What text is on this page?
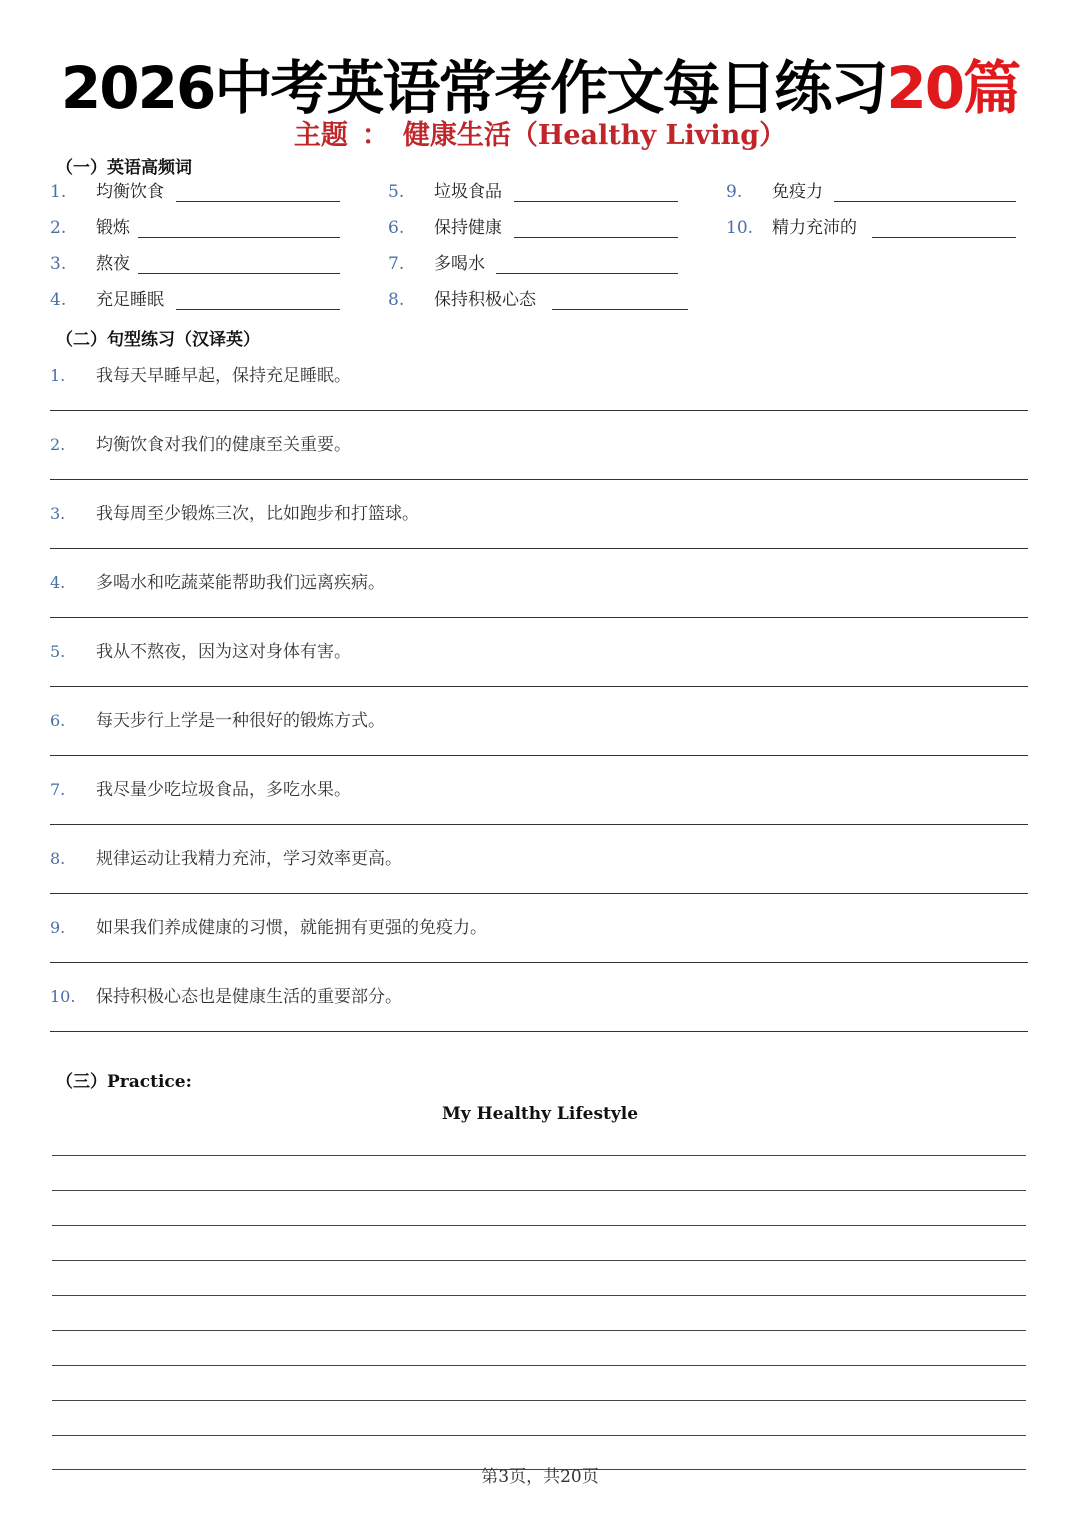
2026中考英语常考作文每日练习20篇
主题 ： 健康生活（Healthy Living）
（一）英语高频词
1. 均衡饮食
2. 锻炼
3. 熬夜
4. 充足睡眠
5. 垃圾食品
6. 保持健康
7. 多喝水
8. 保持积极心态
9. 免疫力
10. 精力充沛的
（二）句型练习（汉译英）
1. 我每天早睡早起，保持充足睡眠。
2. 均衡饮食对我们的健康至关重要。
3. 我每周至少锻炼三次，比如跑步和打篮球。
4. 多喝水和吃蔬菜能帮助我们远离疾病。
5. 我从不熬夜，因为这对身体有害。
6. 每天步行上学是一种很好的锻炼方式。
7. 我尽量少吃垃圾食品，多吃水果。
8. 规律运动让我精力充沛，学习效率更高。
9. 如果我们养成健康的习惯，就能拥有更强的免疫力。
10. 保持积极心态也是健康生活的重要部分。
（三）Practice:
My Healthy Lifestyle
第3页，共20页
